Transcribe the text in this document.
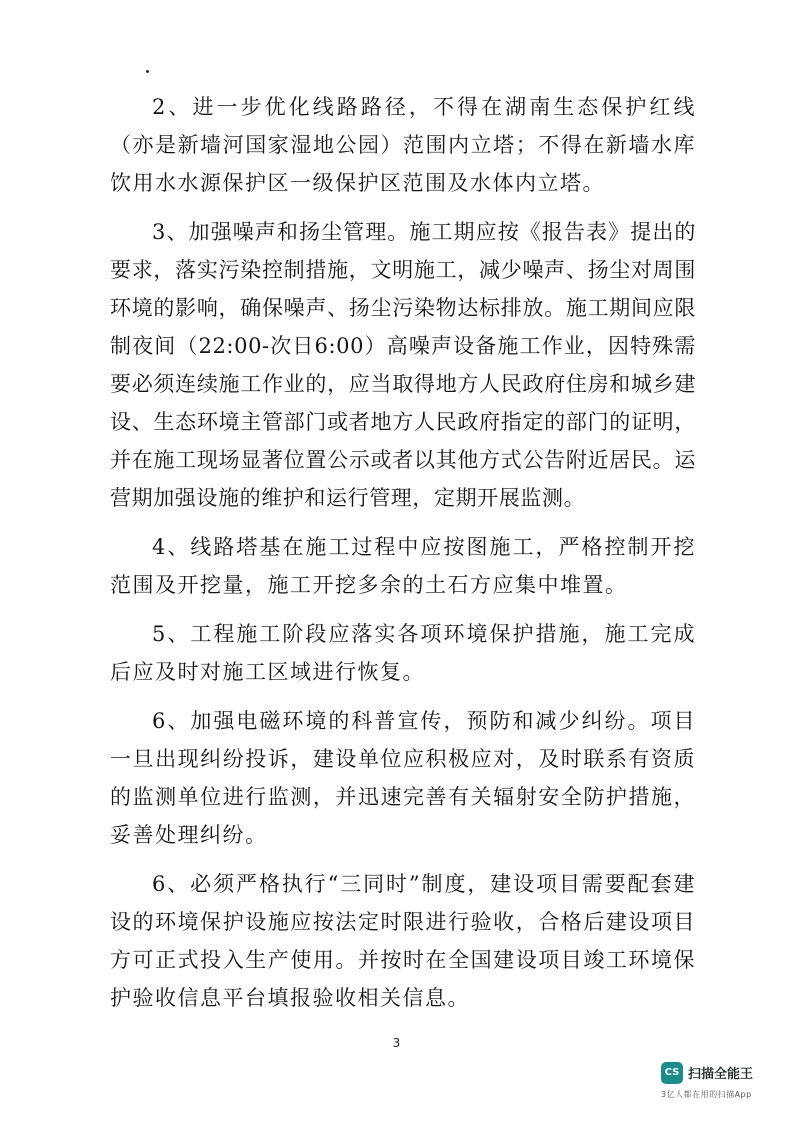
2、进一步优化线路路径，不得在湖南生态保护红线（亦是新墙河国家湿地公园）范围内立塔；不得在新墙水库饮用水水源保护区一级保护区范围及水体内立塔。

3、加强噪声和扬尘管理。施工期应按《报告表》提出的要求，落实污染控制措施，文明施工，减少噪声、扬尘对周围环境的影响，确保噪声、扬尘污染物达标排放。施工期间应限制夜间（22:00-次日6:00）高噪声设备施工作业，因特殊需要必须连续施工作业的，应当取得地方人民政府住房和城乡建设、生态环境主管部门或者地方人民政府指定的部门的证明，并在施工现场显著位置公示或者以其他方式公告附近居民。运营期加强设施的维护和运行管理，定期开展监测。

4、线路塔基在施工过程中应按图施工，严格控制开挖范围及开挖量，施工开挖多余的土石方应集中堆置。

5、工程施工阶段应落实各项环境保护措施，施工完成后应及时对施工区域进行恢复。

6、加强电磁环境的科普宣传，预防和减少纠纷。项目一旦出现纠纷投诉，建设单位应积极应对，及时联系有资质的监测单位进行监测，并迅速完善有关辐射安全防护措施，妥善处理纠纷。

6、必须严格执行“三同时”制度，建设项目需要配套建设的环境保护设施应按法定时限进行验收，合格后建设项目方可正式投入生产使用。并按时在全国建设项目竣工环境保护验收信息平台填报验收相关信息。

3
CS 扫描全能王
3亿人都在用的扫描App
